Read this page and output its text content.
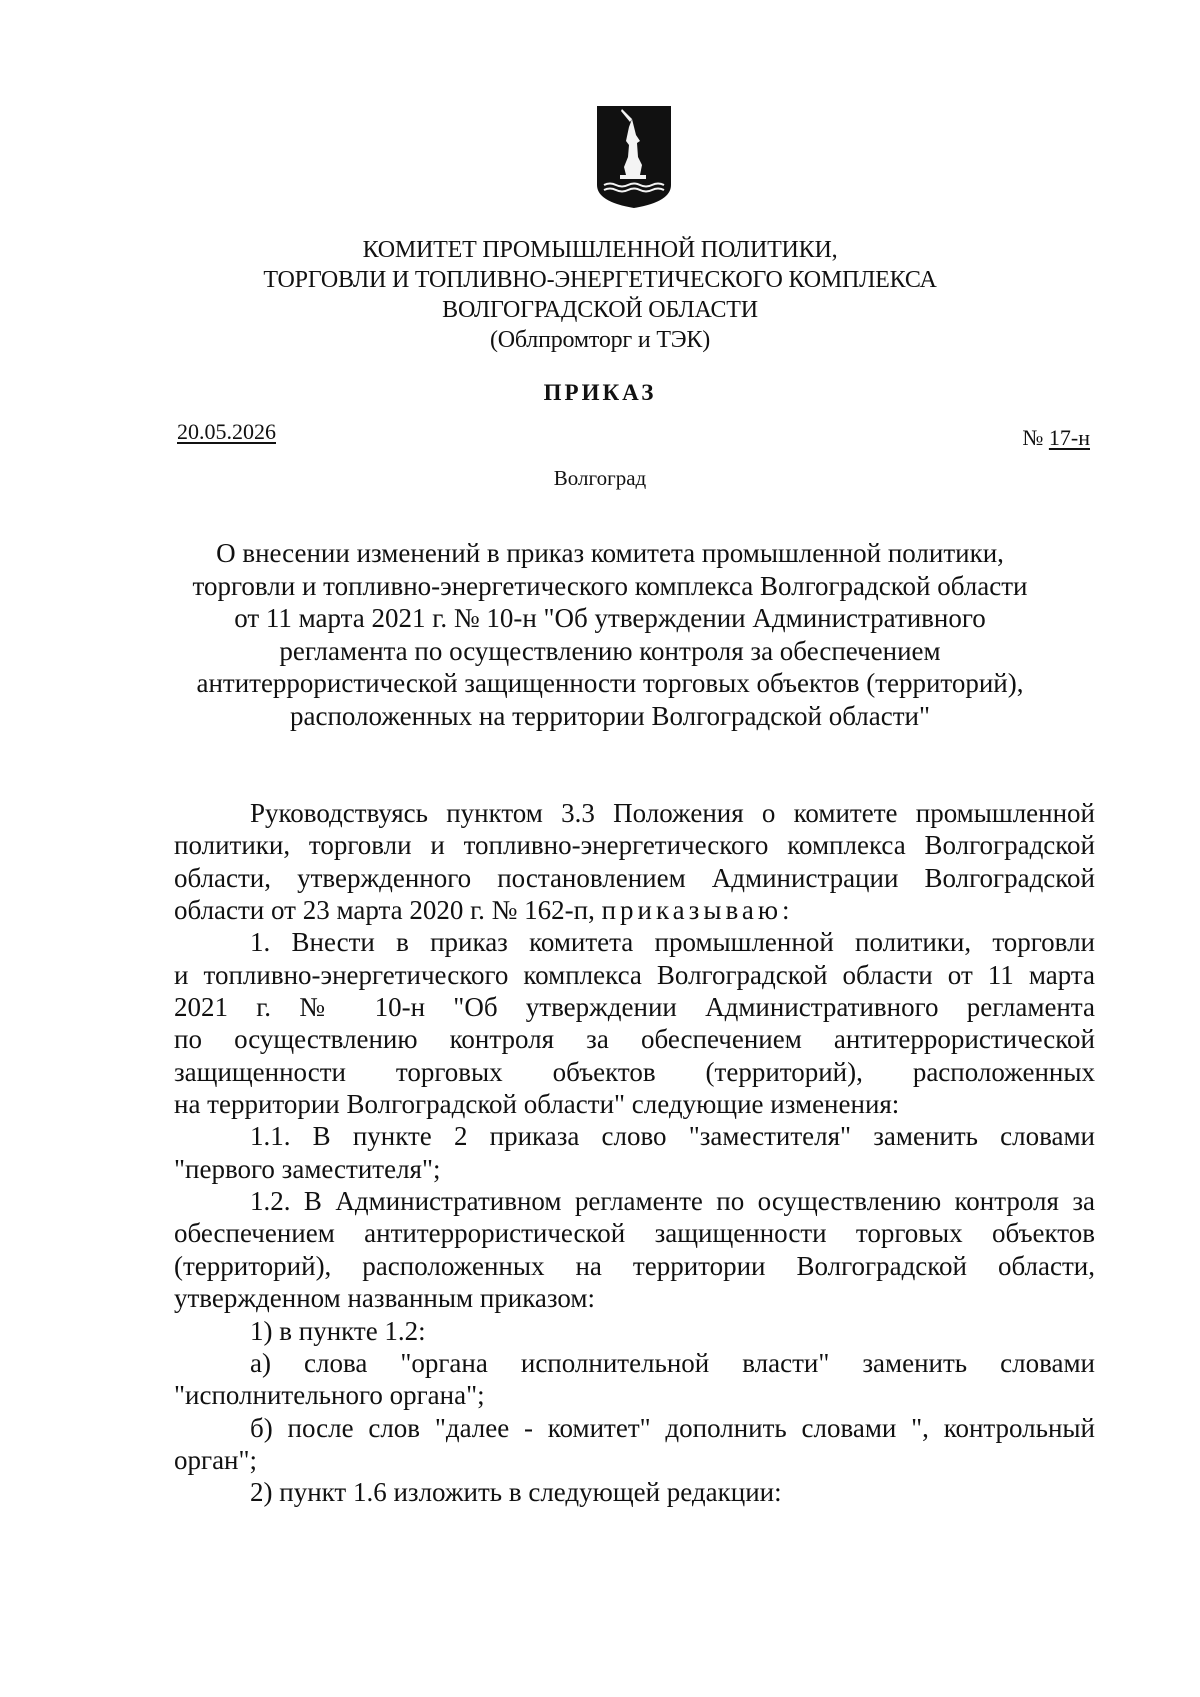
КОМИТЕТ ПРОМЫШЛЕННОЙ ПОЛИТИКИ,
ТОРГОВЛИ И ТОПЛИВНО-ЭНЕРГЕТИЧЕСКОГО КОМПЛЕКСА
ВОЛГОГРАДСКОЙ ОБЛАСТИ
(Облпромторг и ТЭК)
ПРИКАЗ
20.05.2026	№ 17-н
Волгоград
О внесении изменений в приказ комитета промышленной политики,
торговли и топливно-энергетического комплекса Волгоградской области
от 11 марта 2021 г. № 10-н "Об утверждении Административного
регламента по осуществлению контроля за обеспечением
антитеррористической защищенности торговых объектов (территорий),
расположенных на территории Волгоградской области"
Руководствуясь пунктом 3.3 Положения о комитете промышленной
политики, торговли и топливно-энергетического комплекса Волгоградской
области, утвержденного постановлением Администрации Волгоградской
области от 23 марта 2020 г. № 162-п, приказываю:
1. Внести в приказ комитета промышленной политики, торговли
и топливно-энергетического комплекса Волгоградской области от 11 марта
2021 г. № 10-н "Об утверждении Административного регламента
по осуществлению контроля за обеспечением антитеррористической
защищенности торговых объектов (территорий), расположенных
на территории Волгоградской области" следующие изменения:
1.1. В пункте 2 приказа слово "заместителя" заменить словами
"первого заместителя";
1.2. В Административном регламенте по осуществлению контроля за
обеспечением антитеррористической защищенности торговых объектов
(территорий), расположенных на территории Волгоградской области,
утвержденном названным приказом:
1) в пункте 1.2:
а) слова "органа исполнительной власти" заменить словами
"исполнительного органа";
б) после слов "далее - комитет" дополнить словами ", контрольный
орган";
2) пункт 1.6 изложить в следующей редакции:
